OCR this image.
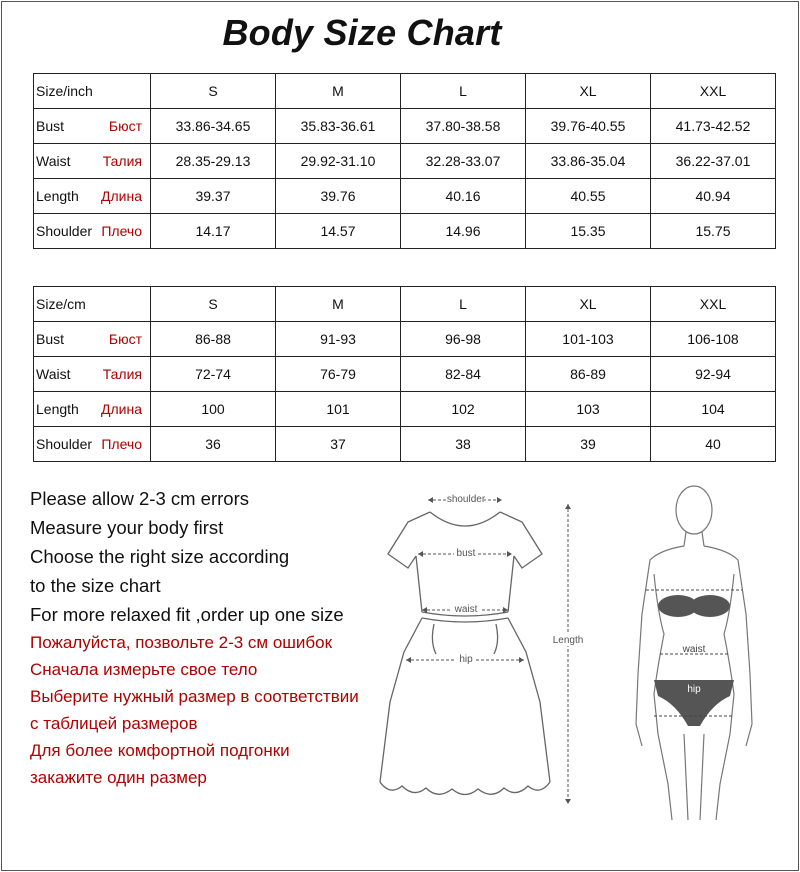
Body Size Chart
Size/inch	S	M	L	XL	XXL
Bust Бюст	33.86-34.65	35.83-36.61	37.80-38.58	39.76-40.55	41.73-42.52
Waist Талия	28.35-29.13	29.92-31.10	32.28-33.07	33.86-35.04	36.22-37.01
Length Длина	39.37	39.76	40.16	40.55	40.94
Shoulder Плечо	14.17	14.57	14.96	15.35	15.75
Size/cm	S	M	L	XL	XXL
Bust Бюст	86-88	91-93	96-98	101-103	106-108
Waist Талия	72-74	76-79	82-84	86-89	92-94
Length Длина	100	101	102	103	104
Shoulder Плечо	36	37	38	39	40
Please allow 2-3 cm errors
Measure your body first
Choose the right size according
to the size chart
For more relaxed fit ,order up one size
Пожалуйста, позвольте 2-3 см ошибок
Сначала измерьте свое тело
Выберите нужный размер в соответствии
с таблицей размеров
Для более комфортной подгонки
закажите один размер
shoulder
bust
waist
hip
Length
bust
waist
hip
